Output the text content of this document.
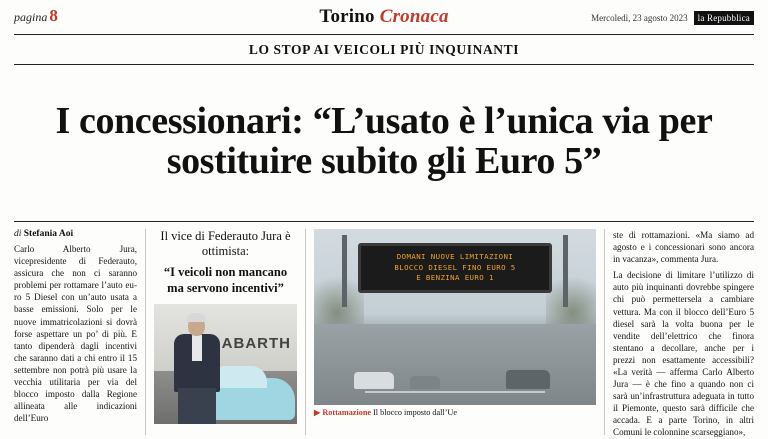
pagina 8	Torino Cronaca	Mercoledì, 23 agosto 2023	la Repubblica
LO STOP AI VEICOLI PIÙ INQUINANTI
I concessionari: “L’usato è l’unica via per sostituire subito gli Euro 5”
di Stefania Aoi

Carlo Alberto Jura, vicepresidente di Federauto, assicura che non ci saranno problemi per rottamare l’auto euro 5 Diesel con un’auto usata a basse emissioni. Solo per le nuove immatricolazioni si dovrà forse aspettare un po’ di più. E tanto dipenderà dagli incentivi che saranno dati a chi entro il 15 settembre non potrà più usare la vecchia utilitaria per via del blocco imposto dalla Regione allineata alle indicazioni dell’Euro

Il vice di Federauto Jura è ottimista:
“I veicoli non mancano ma servono incentivi”
ABARTH
DOMANI NUOVE LIMITAZIONI
BLOCCO DIESEL FINO EURO 5
E BENZINA EURO 1
▶ Rottamazione Il blocco imposto dall’Ue

ste di rottamazioni. «Ma siamo ad agosto e i concessionari sono ancora in vacanza», commenta Jura.

La decisione di limitare l’utilizzo di auto più inquinanti dovrebbe spingere chi può permettersela a cambiare vettura. Ma con il blocco dell’Euro 5 diesel sarà la volta buona per le vendite dell’elettrico che finora stentano a decollare, anche per i prezzi non esattamente accessibili? «La verità — afferma Carlo Alberto Jura — è che fino a quando non ci sarà un’infrastruttura adeguata in tutto il Piemonte, questo sarà difficile che accada. E a parte Torino, in altri Comuni le colonnine scarseggiano»,
